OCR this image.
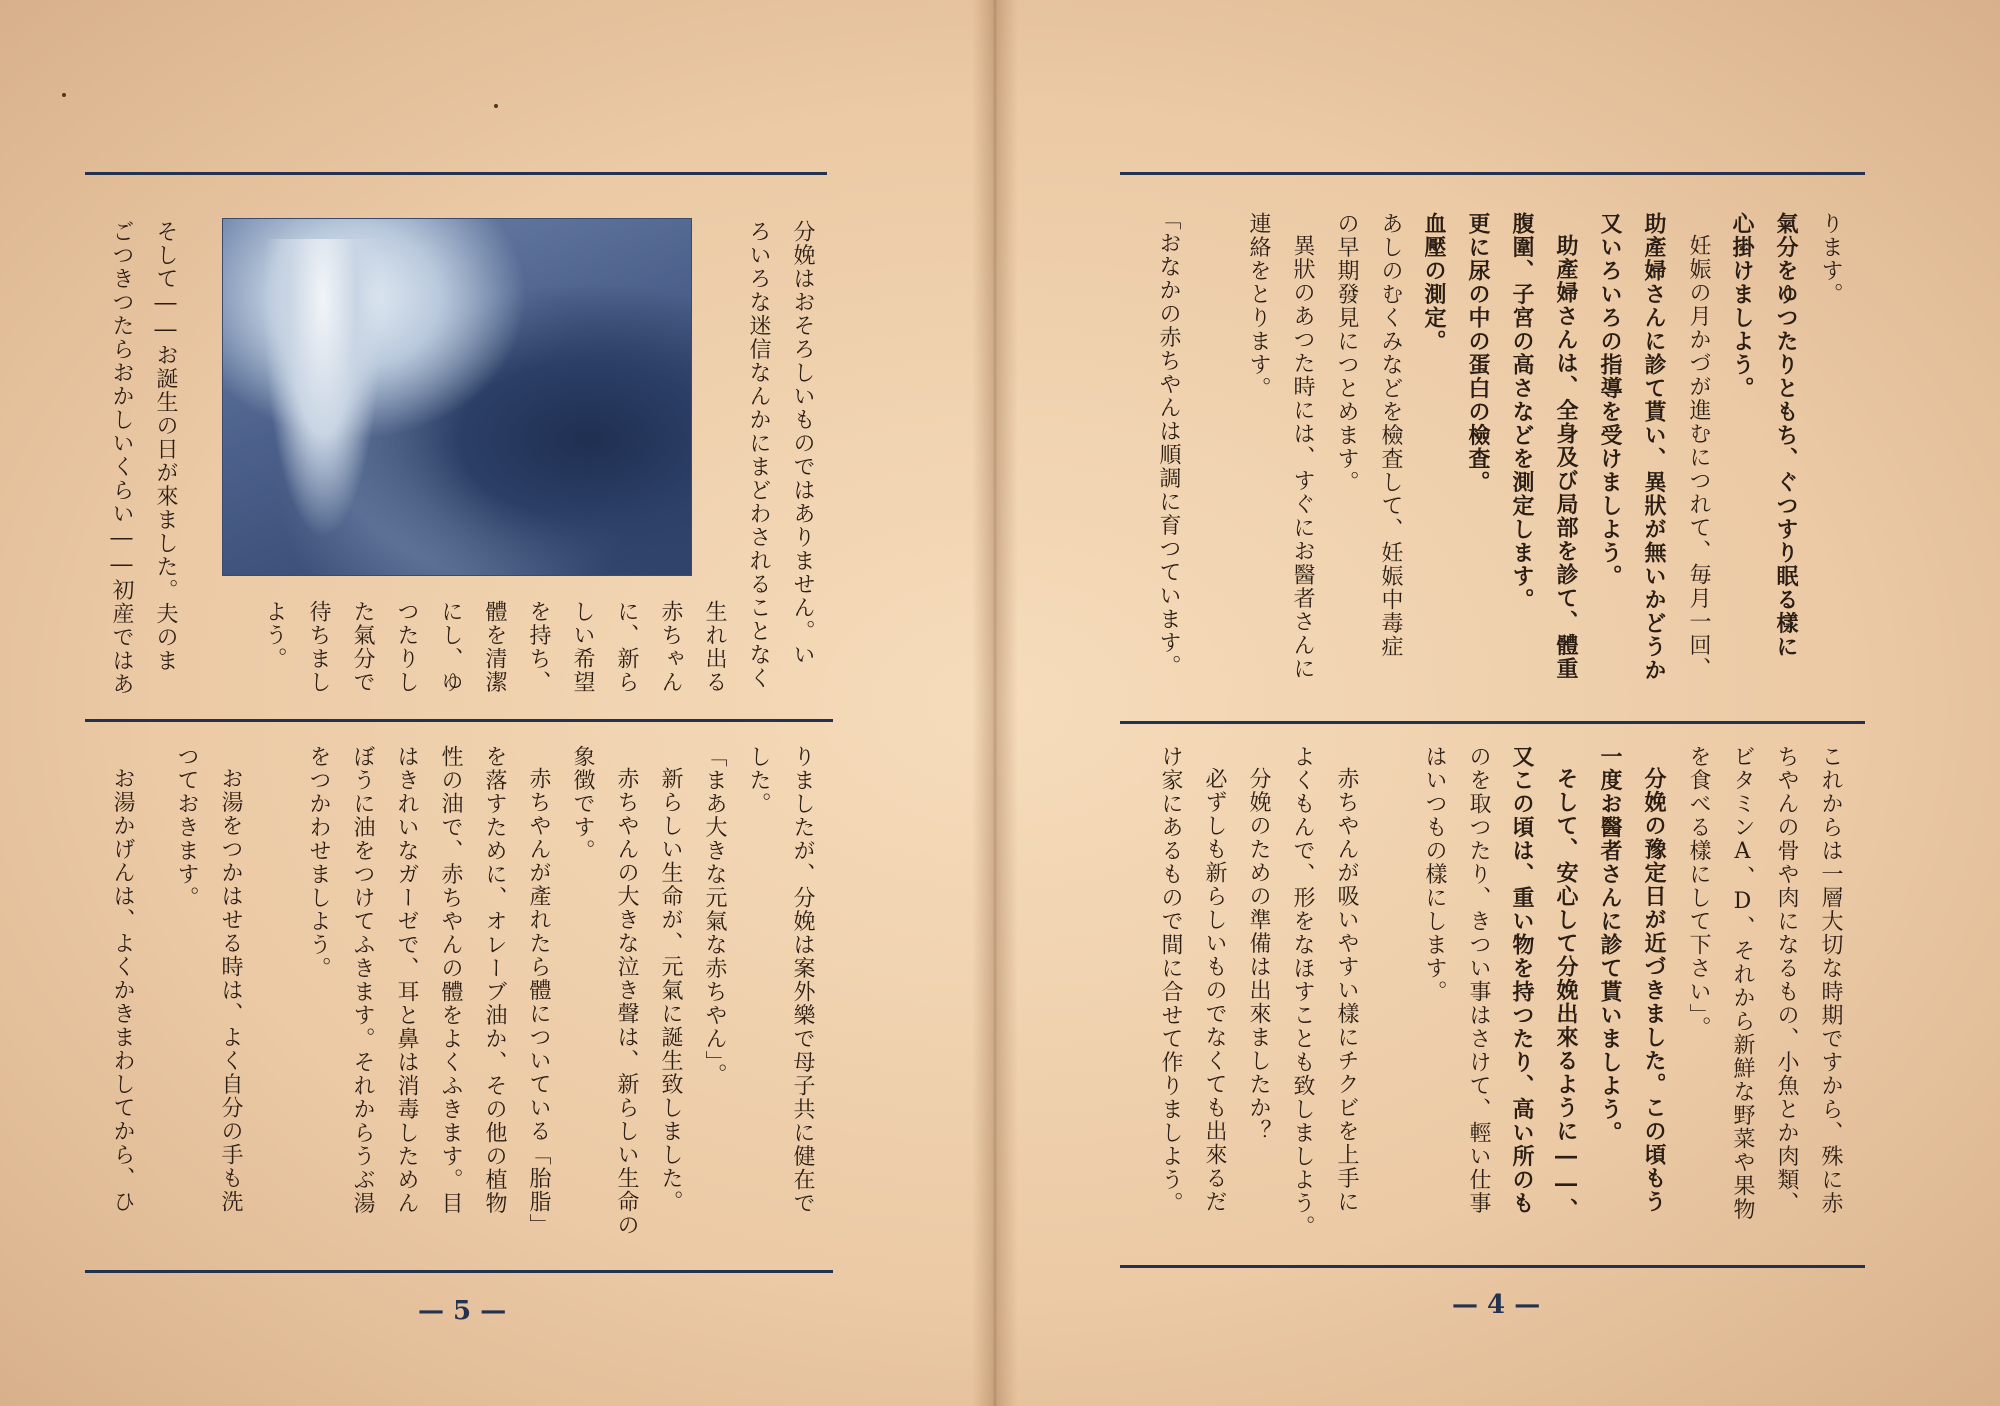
分娩はおそろしいものではありません。い
ろいろな迷信なんかにまどわされることなく
生れ出る
赤ちゃん
に、新ら
しい希望
を持ち、
體を清潔
にし、ゆ
つたりし
た氣分で
待ちまし
よう。
そして――お誕生の日が來ました。夫のま
ごつきつたらおかしいくらい――初産ではあ
りましたが、分娩は案外樂で母子共に健在で
した。
「まあ大きな元氣な赤ちやん」。
新らしい生命が、元氣に誕生致しました。
赤ちやんの大きな泣き聲は、新らしい生命の
象徴です。
赤ちやんが產れたら體についている「胎脂」
を落すために、オレーブ油か、その他の植物
性の油で、赤ちやんの體をよくふきます。目
はきれいなガーゼで、耳と鼻は消毒しためん
ぼうに油をつけてふきます。それからうぶ湯
をつかわせましよう。
お湯をつかはせる時は、よく自分の手も洗
つておきます。
お湯かげんは、よくかきまわしてから、ひ
ります。
氣分をゆつたりともち、ぐつすり眠る樣に
心掛けましよう。
妊娠の月かづが進むにつれて、毎月一回、
助產婦さんに診て貰い、異狀が無いかどうか
又いろいろの指導を受けましよう。
助產婦さんは、全身及び局部を診て、體重
腹圍、子宮の高さなどを測定します。
更に尿の中の蛋白の檢査。
血壓の測定。
あしのむくみなどを檢査して、妊娠中毒症
の早期發見につとめます。
異狀のあつた時には、すぐにお醫者さんに
連絡をとります。
「おなかの赤ちやんは順調に育つています。
これからは一層大切な時期ですから、殊に赤
ちやんの骨や肉になるもの、小魚とか肉類、
ビタミンA、D、それから新鮮な野菜や果物
を食べる樣にして下さい」。
分娩の豫定日が近づきました。この頃もう
一度お醫者さんに診て貰いましよう。
そして、安心して分娩出來るように――、
又この頃は、重い物を持つたり、高い所のも
のを取つたり、きつい事はさけて、輕い仕事
はいつもの樣にします。
赤ちやんが吸いやすい樣にチクビを上手に
よくもんで、形をなほすことも致しましよう。
分娩のための準備は出來ましたか？
必ずしも新らしいものでなくても出來るだ
け家にあるもので間に合せて作りましよう。
— 5 —	— 4 —
